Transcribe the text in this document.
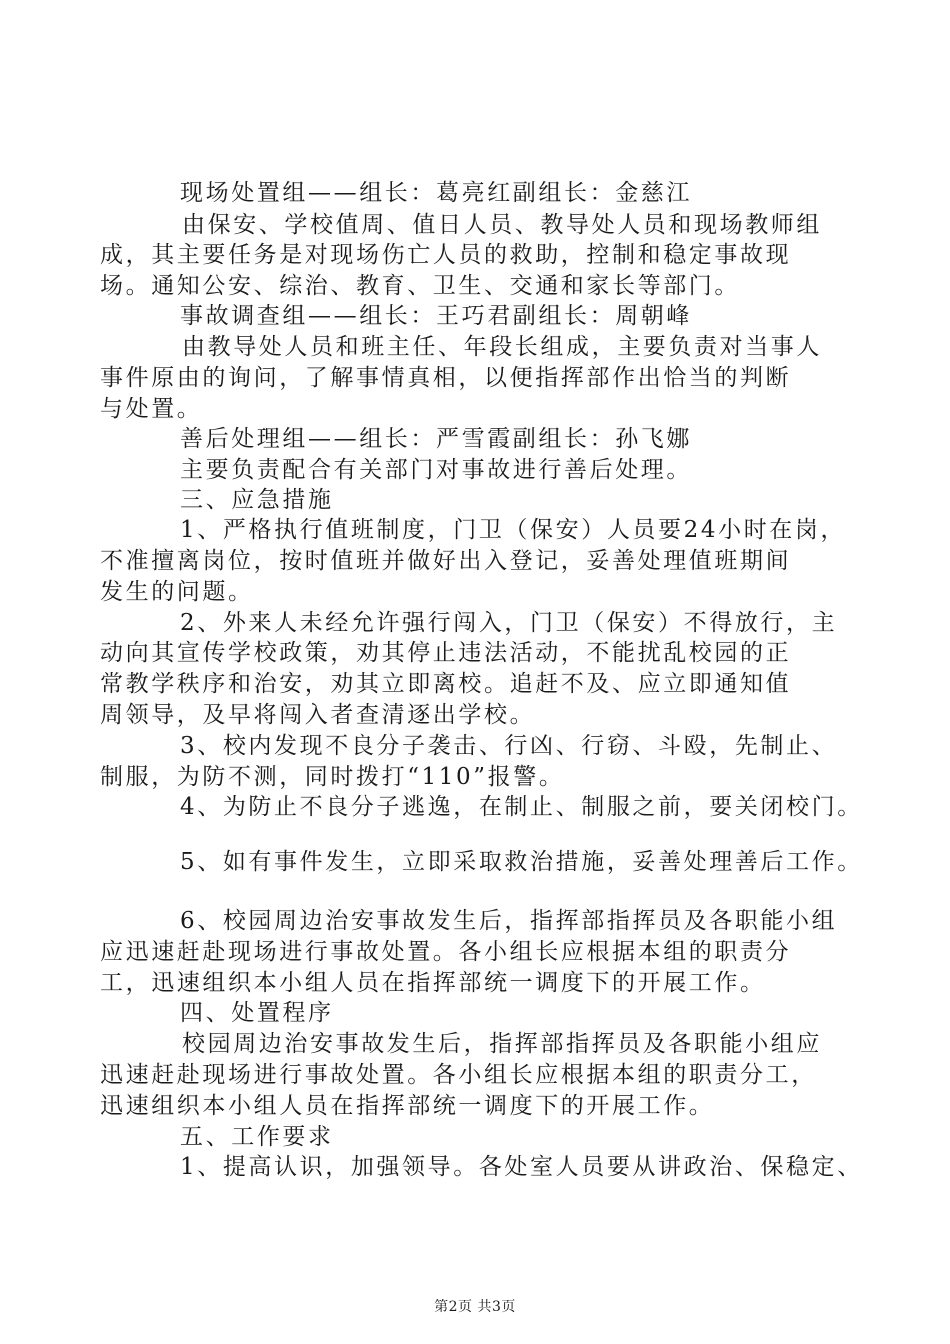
现场处置组——组长：葛亮红副组长：金慈江
由保安、学校值周、值日人员、教导处人员和现场教师组
成，其主要任务是对现场伤亡人员的救助，控制和稳定事故现
场。通知公安、综治、教育、卫生、交通和家长等部门。
事故调查组——组长：王巧君副组长：周朝峰
由教导处人员和班主任、年段长组成，主要负责对当事人
事件原由的询问，了解事情真相，以便指挥部作出恰当的判断
与处置。
善后处理组——组长：严雪霞副组长：孙飞娜
主要负责配合有关部门对事故进行善后处理。
三、应急措施
1、严格执行值班制度，门卫（保安）人员要24小时在岗，
不准擅离岗位，按时值班并做好出入登记，妥善处理值班期间
发生的问题。
2、外来人未经允许强行闯入，门卫（保安）不得放行，主
动向其宣传学校政策，劝其停止违法活动，不能扰乱校园的正
常教学秩序和治安，劝其立即离校。追赶不及、应立即通知值
周领导，及早将闯入者查清逐出学校。
3、校内发现不良分子袭击、行凶、行窃、斗殴，先制止、
制服，为防不测，同时拨打“110”报警。
4、为防止不良分子逃逸，在制止、制服之前，要关闭校门。
5、如有事件发生，立即采取救治措施，妥善处理善后工作。
6、校园周边治安事故发生后，指挥部指挥员及各职能小组
应迅速赶赴现场进行事故处置。各小组长应根据本组的职责分
工，迅速组织本小组人员在指挥部统一调度下的开展工作。
四、处置程序
校园周边治安事故发生后，指挥部指挥员及各职能小组应
迅速赶赴现场进行事故处置。各小组长应根据本组的职责分工，
迅速组织本小组人员在指挥部统一调度下的开展工作。
五、工作要求
1、提高认识，加强领导。各处室人员要从讲政治、保稳定、
第2页 共3页
